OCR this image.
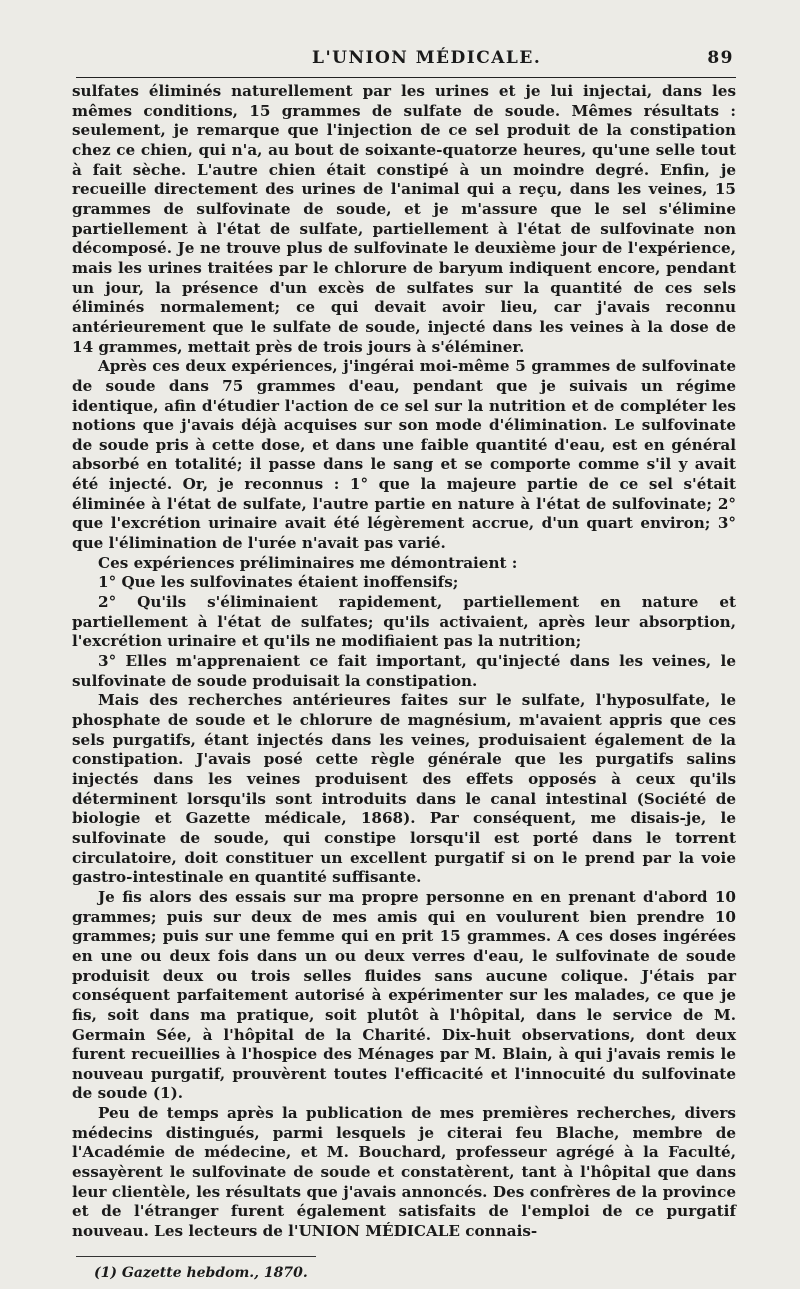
L'UNION MÉDICALE.	89

sulfates éliminés naturellement par les urines et je lui injectai, dans les mêmes conditions, 15 grammes de sulfate de soude. Mêmes résultats : seulement, je remarque que l'injection de ce sel produit de la constipation chez ce chien, qui n'a, au bout de soixante-quatorze heures, qu'une selle tout à fait sèche. L'autre chien était constipé à un moindre degré. Enfin, je recueille directement des urines de l'animal qui a reçu, dans les veines, 15 grammes de sulfovinate de soude, et je m'assure que le sel s'élimine partiellement à l'état de sulfate, partiellement à l'état de sulfovinate non décomposé. Je ne trouve plus de sulfovinate le deuxième jour de l'expérience, mais les urines traitées par le chlorure de baryum indiquent encore, pendant un jour, la présence d'un excès de sulfates sur la quantité de ces sels éliminés normalement; ce qui devait avoir lieu, car j'avais reconnu antérieurement que le sulfate de soude, injecté dans les veines à la dose de 14 grammes, mettait près de trois jours à s'éléminer.

Après ces deux expériences, j'ingérai moi-même 5 grammes de sulfovinate de soude dans 75 grammes d'eau, pendant que je suivais un régime identique, afin d'étudier l'action de ce sel sur la nutrition et de compléter les notions que j'avais déjà acquises sur son mode d'élimination. Le sulfovinate de soude pris à cette dose, et dans une faible quantité d'eau, est en général absorbé en totalité; il passe dans le sang et se comporte comme s'il y avait été injecté. Or, je reconnus : 1° que la majeure partie de ce sel s'était éliminée à l'état de sulfate, l'autre partie en nature à l'état de sulfovinate; 2° que l'excrétion urinaire avait été légèrement accrue, d'un quart environ; 3° que l'élimination de l'urée n'avait pas varié.

Ces expériences préliminaires me démontraient :

1° Que les sulfovinates étaient inoffensifs;

2° Qu'ils s'éliminaient rapidement, partiellement en nature et partiellement à l'état de sulfates; qu'ils activaient, après leur absorption, l'excrétion urinaire et qu'ils ne modifiaient pas la nutrition;

3° Elles m'apprenaient ce fait important, qu'injecté dans les veines, le sulfovinate de soude produisait la constipation.

Mais des recherches antérieures faites sur le sulfate, l'hyposulfate, le phosphate de soude et le chlorure de magnésium, m'avaient appris que ces sels purgatifs, étant injectés dans les veines, produisaient également de la constipation. J'avais posé cette règle générale que les purgatifs salins injectés dans les veines produisent des effets opposés à ceux qu'ils déterminent lorsqu'ils sont introduits dans le canal intestinal (Société de biologie et Gazette médicale, 1868). Par conséquent, me disais-je, le sulfovinate de soude, qui constipe lorsqu'il est porté dans le torrent circulatoire, doit constituer un excellent purgatif si on le prend par la voie gastro-intestinale en quantité suffisante.

Je fis alors des essais sur ma propre personne en en prenant d'abord 10 grammes; puis sur deux de mes amis qui en voulurent bien prendre 10 grammes; puis sur une femme qui en prit 15 grammes. A ces doses ingérées en une ou deux fois dans un ou deux verres d'eau, le sulfovinate de soude produisit deux ou trois selles fluides sans aucune colique. J'étais par conséquent parfaitement autorisé à expérimenter sur les malades, ce que je fis, soit dans ma pratique, soit plutôt à l'hôpital, dans le service de M. Germain Sée, à l'hôpital de la Charité. Dix-huit observations, dont deux furent recueillies à l'hospice des Ménages par M. Blain, à qui j'avais remis le nouveau purgatif, prouvèrent toutes l'efficacité et l'innocuité du sulfovinate de soude (1).

Peu de temps après la publication de mes premières recherches, divers médecins distingués, parmi lesquels je citerai feu Blache, membre de l'Académie de médecine, et M. Bouchard, professeur agrégé à la Faculté, essayèrent le sulfovinate de soude et constatèrent, tant à l'hôpital que dans leur clientèle, les résultats que j'avais annoncés. Des confrères de la province et de l'étranger furent également satisfaits de l'emploi de ce purgatif nouveau. Les lecteurs de l'UNION MÉDICALE connais-

(1) Gazette hebdom., 1870.
